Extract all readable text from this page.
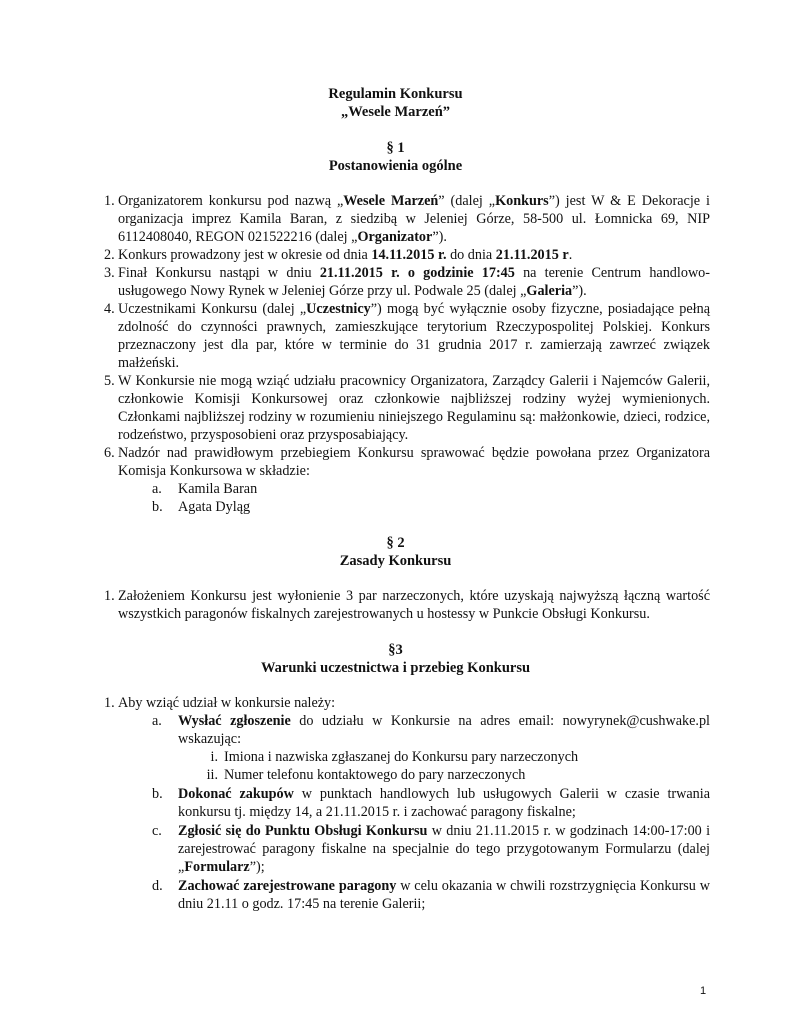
Regulamin Konkursu
„Wesele Marzeń”
§ 1
Postanowienia ogólne
1. Organizatorem konkursu pod nazwą „Wesele Marzeń” (dalej „Konkurs”) jest W & E Dekoracje i organizacja imprez Kamila Baran, z siedzibą w Jeleniej Górze, 58-500 ul. Łomnicka 69, NIP 6112408040, REGON 021522216 (dalej „Organizator”).
2. Konkurs prowadzony jest w okresie od dnia 14.11.2015 r. do dnia 21.11.2015 r.
3. Finał Konkursu nastąpi w dniu 21.11.2015 r. o godzinie 17:45 na terenie Centrum handlowo-usługowego Nowy Rynek w Jeleniej Górze przy ul. Podwale 25 (dalej „Galeria”).
4. Uczestnikami Konkursu (dalej „Uczestnicy”) mogą być wyłącznie osoby fizyczne, posiadające pełną zdolność do czynności prawnych, zamieszkujące terytorium Rzeczypospolitej Polskiej. Konkurs przeznaczony jest dla par, które w terminie do 31 grudnia 2017 r. zamierzają zawrzeć związek małżeński.
5. W Konkursie nie mogą wziąć udziału pracownicy Organizatora, Zarządcy Galerii i Najemców Galerii, członkowie Komisji Konkursowej oraz członkowie najbliższej rodziny wyżej wymienionych. Członkami najbliższej rodziny w rozumieniu niniejszego Regulaminu są: małżonkowie, dzieci, rodzice, rodzeństwo, przysposobieni oraz przysposabiający.
6. Nadzór nad prawidłowym przebiegiem Konkursu sprawować będzie powołana przez Organizatora Komisja Konkursowa w składzie:
a. Kamila Baran
b. Agata Dyląg
§ 2
Zasady Konkursu
1. Założeniem Konkursu jest wyłonienie 3 par narzeczonych, które uzyskają najwyższą łączną wartość wszystkich paragonów fiskalnych zarejestrowanych u hostessy w Punkcie Obsługi Konkursu.
§3
Warunki uczestnictwa i przebieg Konkursu
1. Aby wziąć udział w konkursie należy:
a. Wysłać zgłoszenie do udziału w Konkursie na adres email: nowyrynek@cushwake.pl wskazując:
i. Imiona i nazwiska zgłaszanej do Konkursu pary narzeczonych
ii. Numer telefonu kontaktowego do pary narzeczonych
b. Dokonać zakupów w punktach handlowych lub usługowych Galerii w czasie trwania konkursu tj. między 14, a 21.11.2015 r. i zachować paragony fiskalne;
c. Zgłosić się do Punktu Obsługi Konkursu w dniu 21.11.2015 r. w godzinach 14:00-17:00 i zarejestrować paragony fiskalne na specjalnie do tego przygotowanym Formularzu (dalej „Formularz”);
d. Zachować zarejestrowane paragony w celu okazania w chwili rozstrzygnięcia Konkursu w dniu 21.11 o godz. 17:45 na terenie Galerii;
1
